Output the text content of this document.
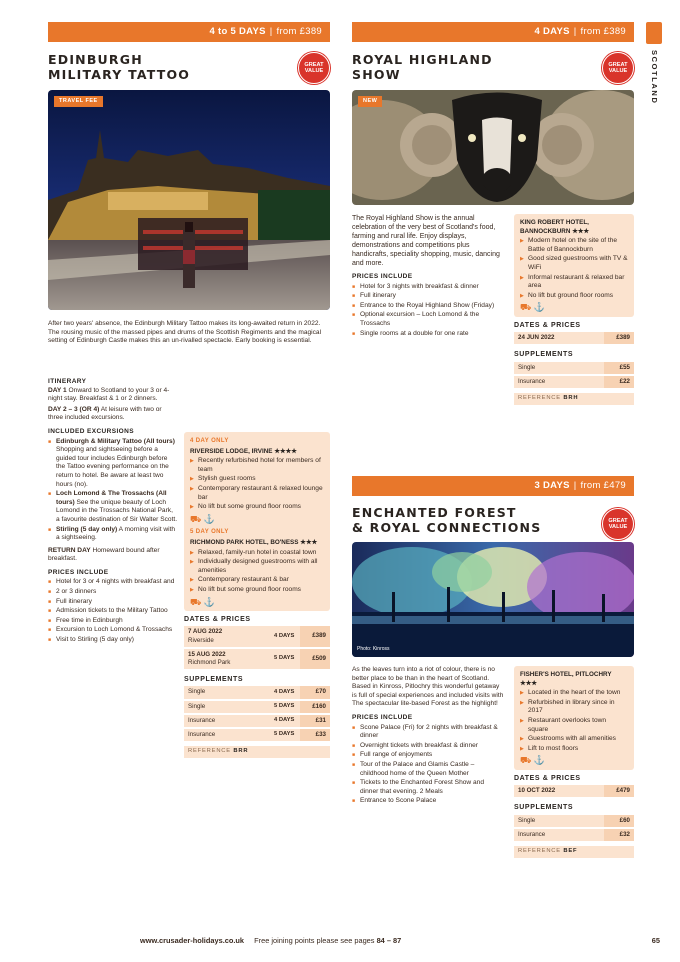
SCOTLAND
4 to 5 DAYS | from £389
EDINBURGH
MILITARY TATTOO
GREAT VALUE
TRAVEL FEE
After two years' absence, the Edinburgh Military Tattoo makes its long-awaited return in 2022. The rousing music of the massed pipes and drums of the Scottish Regiments and the magical setting of Edinburgh Castle makes this an un-rivalled spectacle. Early booking is essential.
ITINERARY
DAY 1 Onward to Scotland to your 3 or 4-night stay. Breakfast & 1 or 2 dinners.
DAY 2 – 3 (OR 4) At leisure with two or three included excursions.
INCLUDED EXCURSIONS
■ Edinburgh & Military Tattoo (All tours) Shopping and sightseeing before a guided tour includes Edinburgh before the Tattoo evening performance on the return to hotel. Be aware at least two hours (no).
■ Loch Lomond & The Trossachs (All tours) See the unique beauty of Loch Lomond in the Trossachs National Park, a favourite destination of Sir Walter Scott.
■ Stirling (5 day only) A morning visit with a sightseeing.
RETURN DAY Homeward bound after breakfast.
PRICES INCLUDE
■ Hotel for 3 or 4 nights with breakfast and
■ 2 or 3 dinners
■ Full itinerary
■ Admission tickets to the Military Tattoo
■ Free time in Edinburgh
■ Excursion to Loch Lomond & Trossachs
■ Visit to Stirling (5 day only)
4 DAY ONLY
RIVERSIDE LODGE, IRVINE ★★★★
▶ Recently refurbished hotel for members of team
▶ Stylish guest rooms
▶ Contemporary restaurant & relaxed lounge bar
▶ No lift but some ground floor rooms
⛟ ⚓
5 DAY ONLY
RICHMOND PARK HOTEL, BO'NESS ★★★
▶ Relaxed, family-run hotel in coastal town
▶ Individually designed guestrooms with all amenities
▶ Contemporary restaurant & bar
▶ No lift but some ground floor rooms
⛟ ⚓
DATES & PRICES
7 AUG 2022
Riverside	4 DAYS	£389
15 AUG 2022
Richmond Park	5 DAYS	£509
SUPPLEMENTS
Single	4 DAYS	£70
Single	5 DAYS	£160
Insurance	4 DAYS	£31
Insurance	5 DAYS	£33
REFERENCE BRR
4 DAYS | from £389
ROYAL HIGHLAND
SHOW
GREAT VALUE
NEW
The Royal Highland Show is the annual celebration of the very best of Scotland's food, farming and rural life. Enjoy displays, demonstrations and competitions plus handicrafts, speciality shopping, music, dancing and more.
PRICES INCLUDE
■ Hotel for 3 nights with breakfast & dinner
■ Full itinerary
■ Entrance to the Royal Highland Show (Friday)
■ Optional excursion – Loch Lomond & the Trossachs
■ Single rooms at a double for one rate
KING ROBERT HOTEL, BANNOCKBURN ★★★
▶ Modern hotel on the site of the Battle of Bannockburn
▶ Good sized guestrooms with TV & WiFi
▶ Informal restaurant & relaxed bar area
▶ No lift but ground floor rooms
⛟ ⚓
DATES & PRICES
24 JUN 2022	£389
SUPPLEMENTS
Single	£55
Insurance	£22
REFERENCE BRH
3 DAYS | from £479
ENCHANTED FOREST
& ROYAL CONNECTIONS	GREAT VALUE
Photo: Kinross
As the leaves turn into a riot of colour, there is no better place to be than in the heart of Scotland. Based in Kinross, Pitlochry this wonderful getaway is full of special experiences and included visits with The spectacular lite-based Forest as the highlight!
PRICES INCLUDE
■ Scone Palace (Fri) for 2 nights with breakfast & dinner
■ Overnight tickets with breakfast & dinner
■ Full range of enjoyments
■ Tour of the Palace and Glamis Castle – childhood home of the Queen Mother
■ Tickets to the Enchanted Forest Show and dinner that evening. 2 Meals
■ Entrance to Scone Palace
FISHER'S HOTEL, PITLOCHRY ★★★
▶ Located in the heart of the town
▶ Refurbished in library since in 2017
▶ Restaurant overlooks town square
▶ Guestrooms with all amenities
▶ Lift to most floors
⛟ ⚓
DATES & PRICES
10 OCT 2022	£479
SUPPLEMENTS
Single	£60
Insurance	£32
REFERENCE BEF
www.crusader-holidays.co.uk Free joining points please see pages 84 – 87	65
